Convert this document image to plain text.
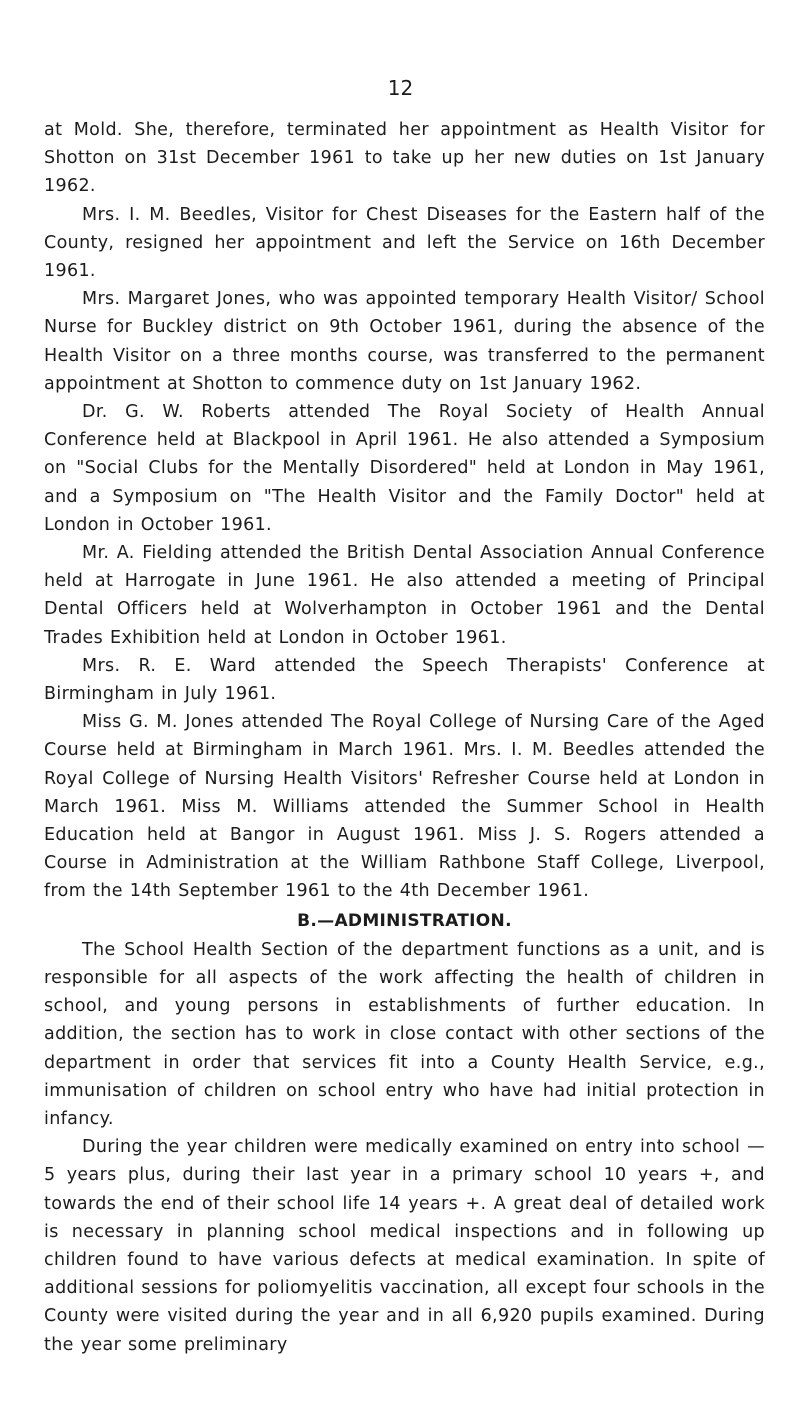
12

at Mold. She, therefore, terminated her appointment as Health Visitor for Shotton on 31st December 1961 to take up her new duties on 1st January 1962.

Mrs. I. M. Beedles, Visitor for Chest Diseases for the Eastern half of the County, resigned her appointment and left the Service on 16th December 1961.

Mrs. Margaret Jones, who was appointed temporary Health Visitor/ School Nurse for Buckley district on 9th October 1961, during the absence of the Health Visitor on a three months course, was transferred to the permanent appointment at Shotton to commence duty on 1st January 1962.

Dr. G. W. Roberts attended The Royal Society of Health Annual Conference held at Blackpool in April 1961. He also attended a Symposium on "Social Clubs for the Mentally Disordered" held at London in May 1961, and a Symposium on "The Health Visitor and the Family Doctor" held at London in October 1961.

Mr. A. Fielding attended the British Dental Association Annual Conference held at Harrogate in June 1961. He also attended a meeting of Principal Dental Officers held at Wolverhampton in October 1961 and the Dental Trades Exhibition held at London in October 1961.

Mrs. R. E. Ward attended the Speech Therapists' Conference at Birmingham in July 1961.

Miss G. M. Jones attended The Royal College of Nursing Care of the Aged Course held at Birmingham in March 1961. Mrs. I. M. Beedles attended the Royal College of Nursing Health Visitors' Refresher Course held at London in March 1961. Miss M. Williams attended the Summer School in Health Education held at Bangor in August 1961. Miss J. S. Rogers attended a Course in Administration at the William Rathbone Staff College, Liverpool, from the 14th September 1961 to the 4th December 1961.

B.—ADMINISTRATION.

The School Health Section of the department functions as a unit, and is responsible for all aspects of the work affecting the health of children in school, and young persons in establishments of further education. In addition, the section has to work in close contact with other sections of the department in order that services fit into a County Health Service, e.g., immunisation of children on school entry who have had initial protection in infancy.

During the year children were medically examined on entry into school — 5 years plus, during their last year in a primary school 10 years +, and towards the end of their school life 14 years +. A great deal of detailed work is necessary in planning school medical inspections and in following up children found to have various defects at medical examination. In spite of additional sessions for poliomyelitis vaccination, all except four schools in the County were visited during the year and in all 6,920 pupils examined. During the year some preliminary
